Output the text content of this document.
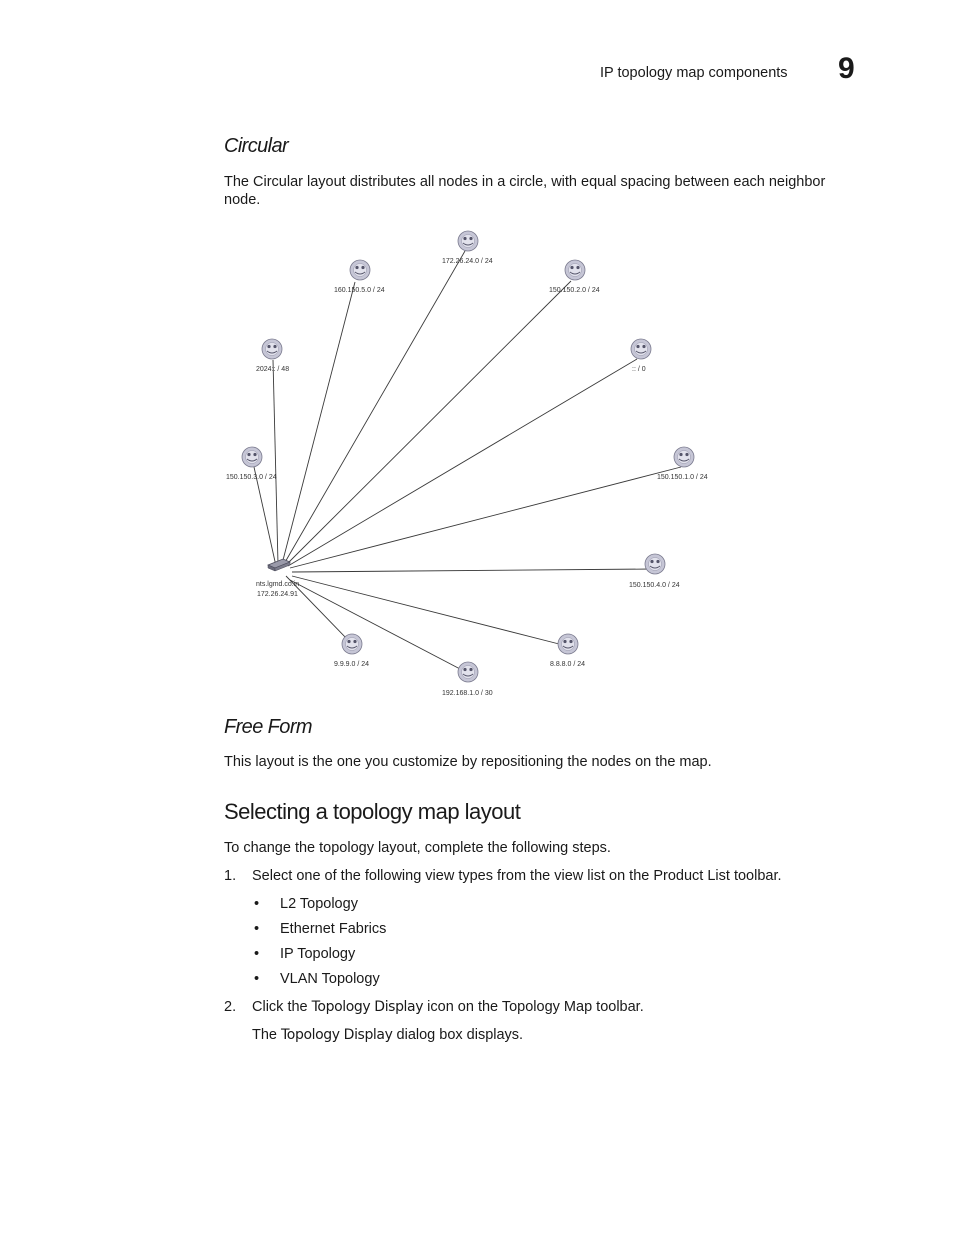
IP topology map components 9
Circular
The Circular layout distributes all nodes in a circle, with equal spacing between each neighbor node.
nts.lgmd.co.in
172.26.24.91
172.26.24.0 / 24
160.150.5.0 / 24	150.150.2.0 / 24
2024:: / 48	:: / 0
150.150.3.0 / 24	150.150.1.0 / 24
150.150.4.0 / 24
9.9.9.0 / 24	8.8.8.0 / 24
192.168.1.0 / 30
Free Form
This layout is the one you customize by repositioning the nodes on the map.
Selecting a topology map layout
To change the topology layout, complete the following steps.
1. Select one of the following view types from the view list on the Product List toolbar.
• L2 Topology
• Ethernet Fabrics
• IP Topology
• VLAN Topology
2. Click the Topology Display icon on the Topology Map toolbar.
The Topology Display dialog box displays.
